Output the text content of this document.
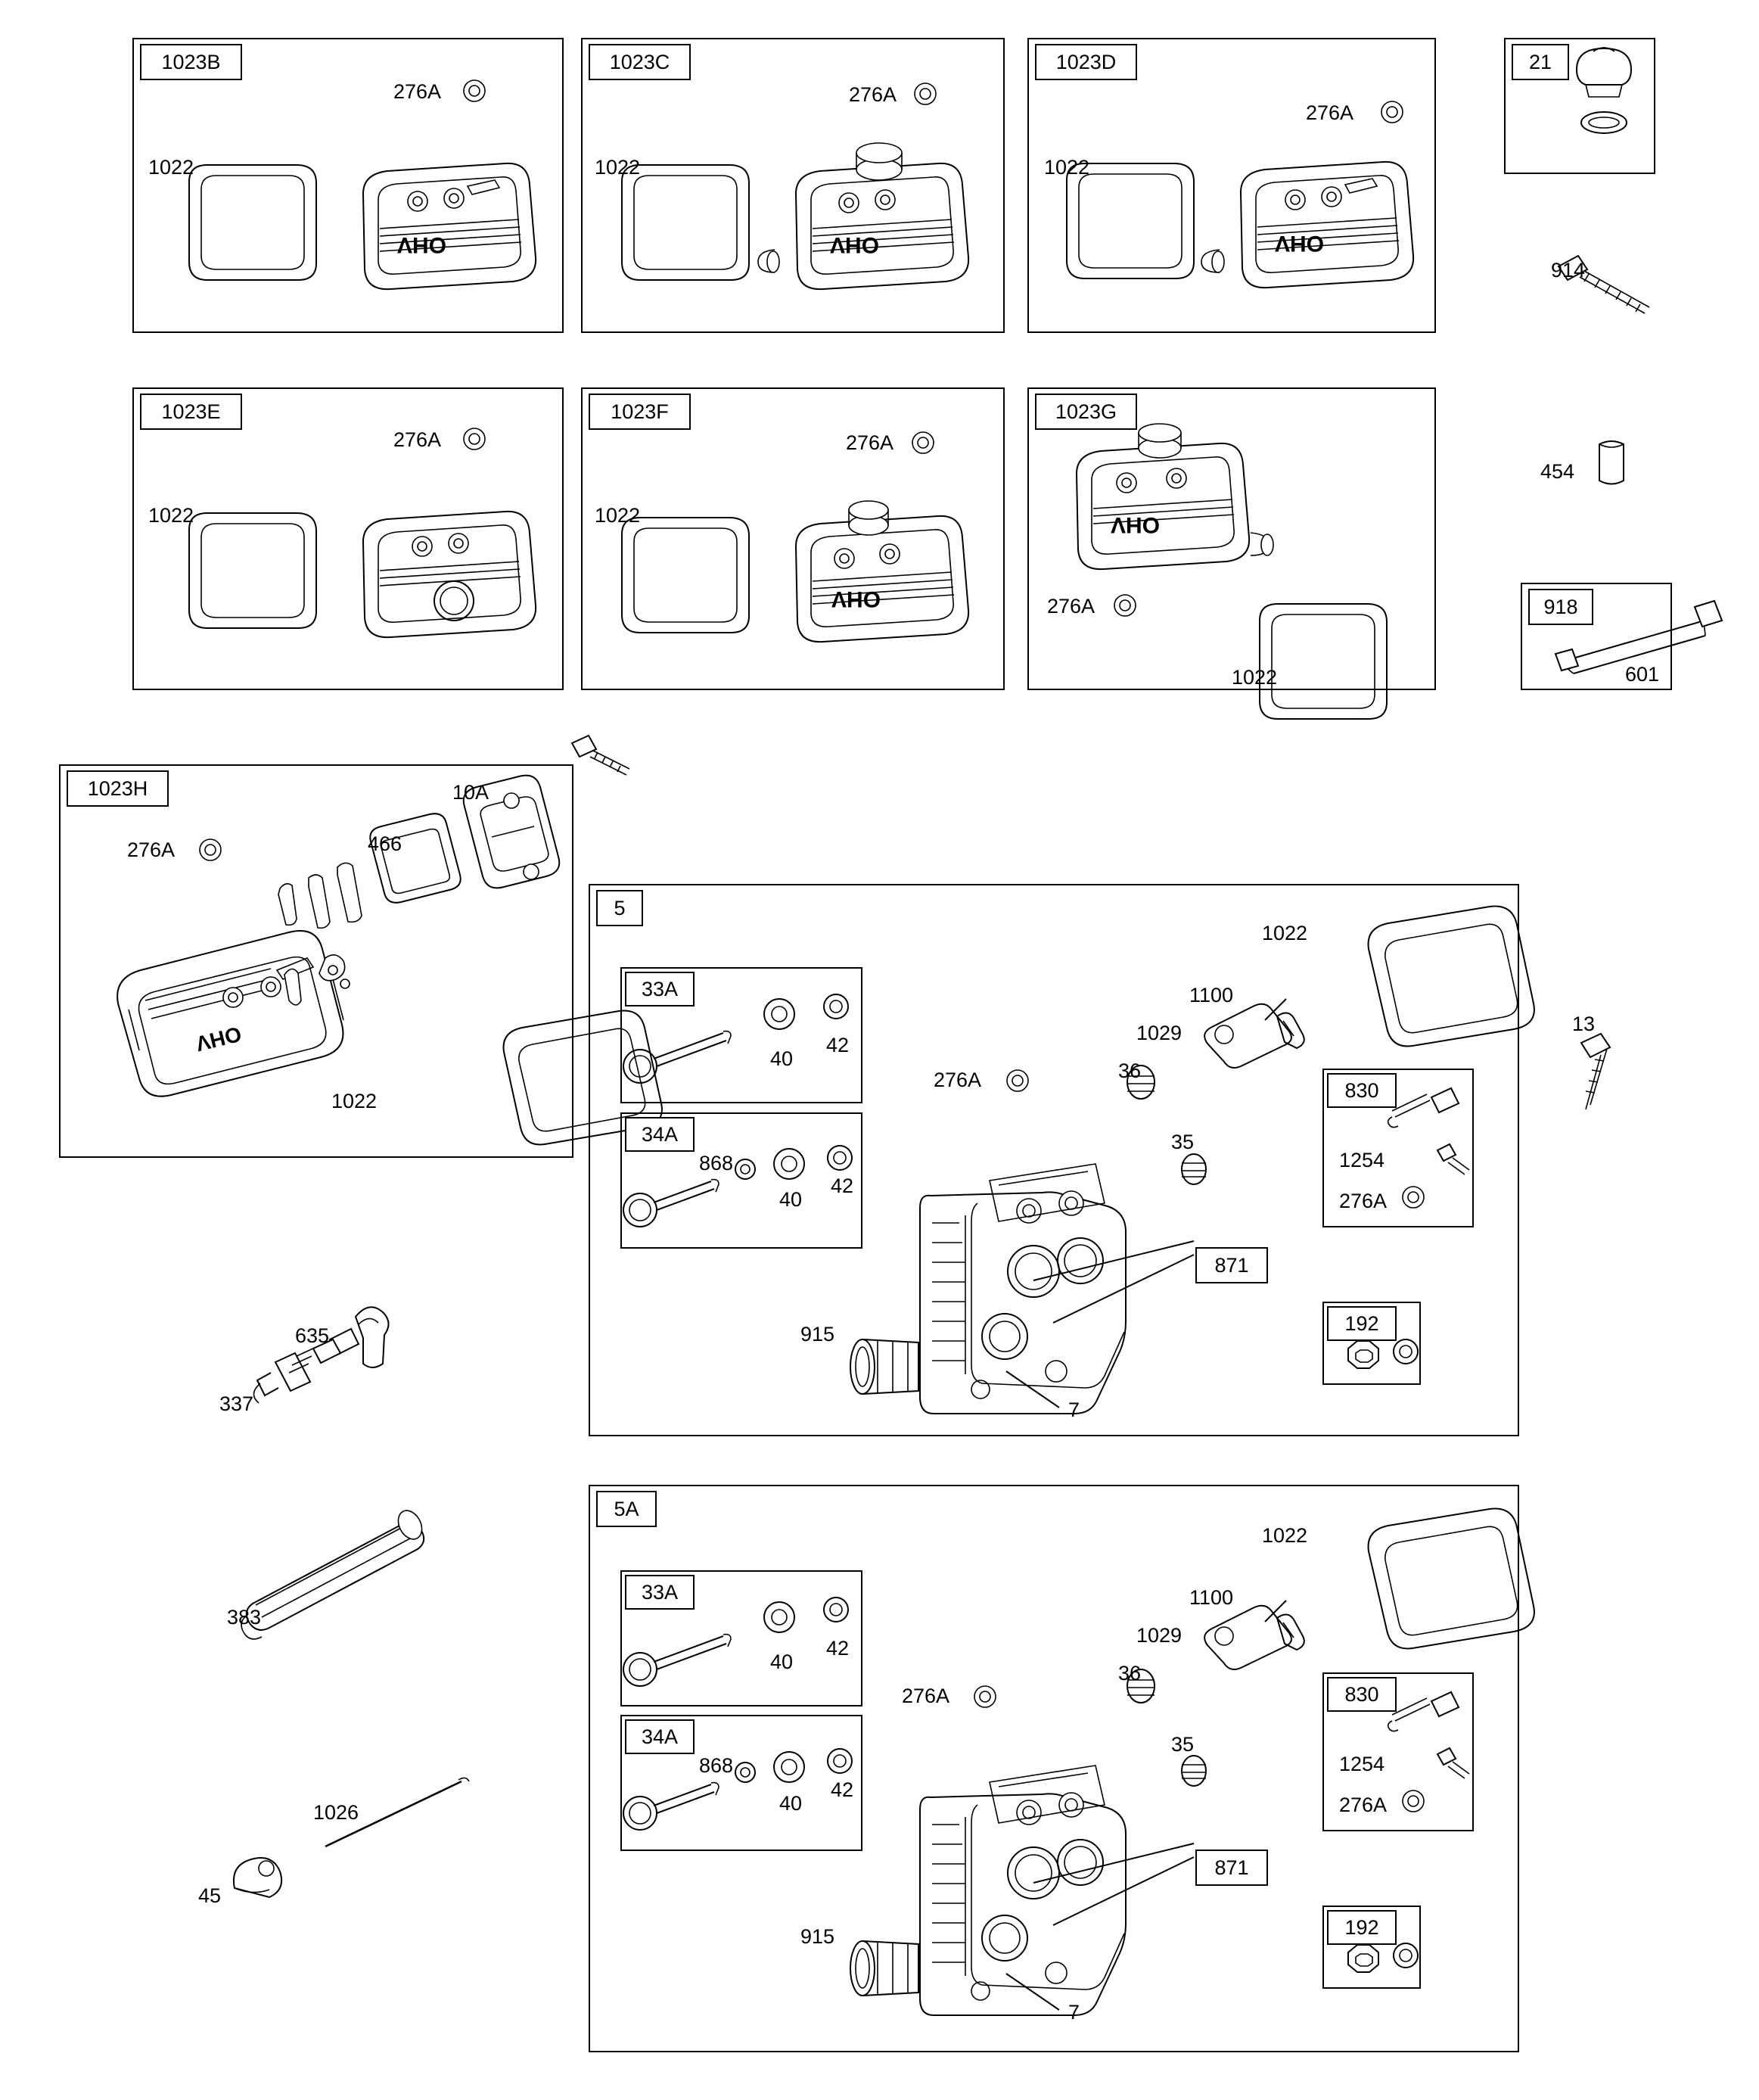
OHV	OHV	OHV
OHV
OHV
OHV
1023B	1023C	1023D	21
1023E	1023F	1023G
918
1023H
5
5A
33A
34A
830
192
33A
34A
830
192
871
871
276A
1022
276A
1022
276A
1022
914
276A
1022
276A
1022
276A
1022
454
601
276A	466
10A
1022
13
1022
1100
1029
36
35
276A
915
7
40
42
868
40
42
1254
276A
635
337
383
1026
45
1022
1100
1029
36
35
276A
915
7
40
42
868
40
42
1254
276A
